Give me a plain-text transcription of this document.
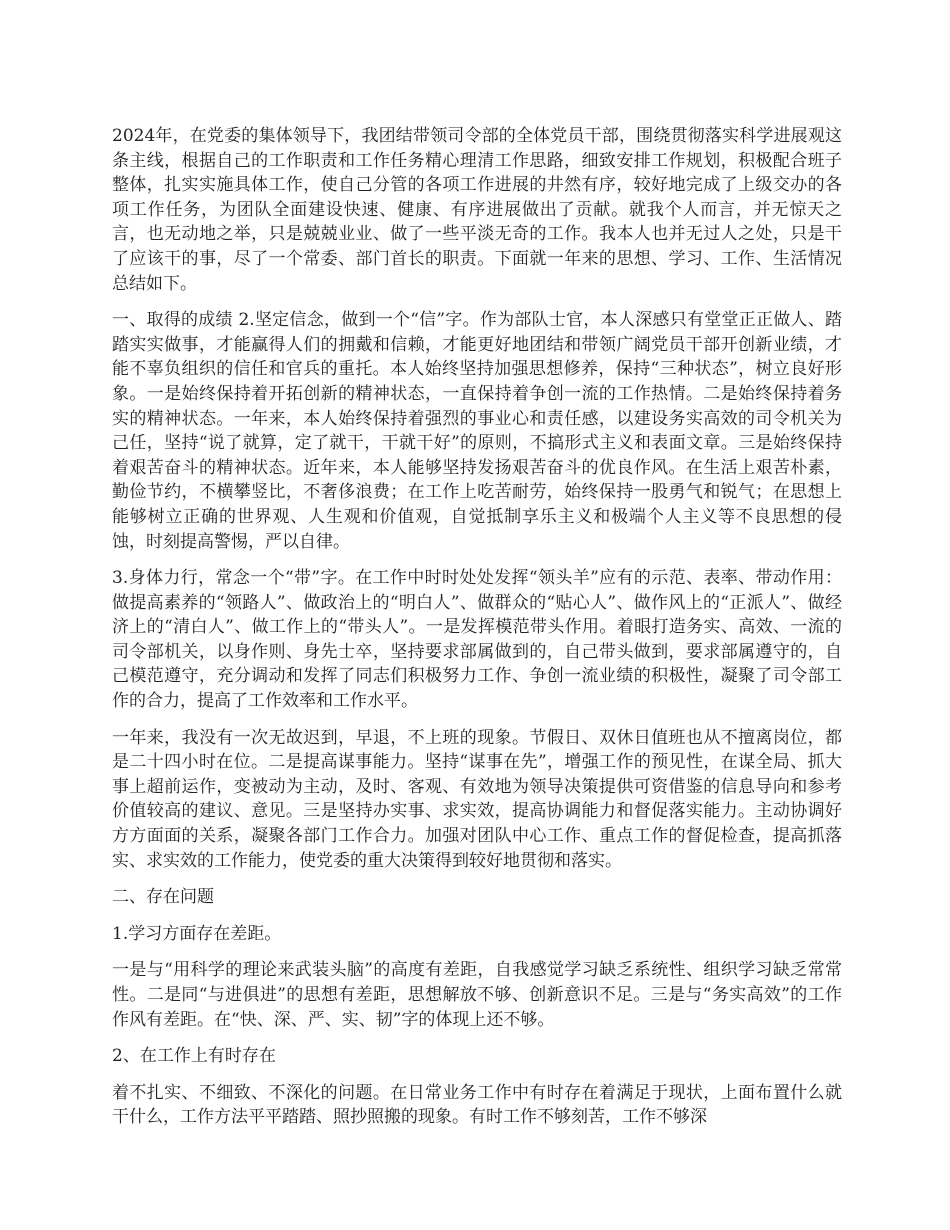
2024年，在党委的集体领导下，我团结带领司令部的全体党员干部，围绕贯彻落实科学进展观这条主线，根据自己的工作职责和工作任务精心理清工作思路，细致安排工作规划，积极配合班子整体，扎实实施具体工作，使自己分管的各项工作进展的井然有序，较好地完成了上级交办的各项工作任务，为团队全面建设快速、健康、有序进展做出了贡献。就我个人而言，并无惊天之言，也无动地之举，只是兢兢业业、做了一些平淡无奇的工作。我本人也并无过人之处，只是干了应该干的事，尽了一个常委、部门首长的职责。下面就一年来的思想、学习、工作、生活情况总结如下。

一、取得的成绩 2.坚定信念，做到一个“信”字。作为部队士官，本人深感只有堂堂正正做人、踏踏实实做事，才能赢得人们的拥戴和信赖，才能更好地团结和带领广阔党员干部开创新业绩，才能不辜负组织的信任和官兵的重托。本人始终坚持加强思想修养，保持“三种状态”，树立良好形象。一是始终保持着开拓创新的精神状态，一直保持着争创一流的工作热情。二是始终保持着务实的精神状态。一年来，本人始终保持着强烈的事业心和责任感，以建设务实高效的司令机关为己任，坚持“说了就算，定了就干，干就干好”的原则，不搞形式主义和表面文章。三是始终保持着艰苦奋斗的精神状态。近年来，本人能够坚持发扬艰苦奋斗的优良作风。在生活上艰苦朴素，勤俭节约，不横攀竖比，不奢侈浪费；在工作上吃苦耐劳，始终保持一股勇气和锐气；在思想上能够树立正确的世界观、人生观和价值观，自觉抵制享乐主义和极端个人主义等不良思想的侵蚀，时刻提高警惕，严以自律。

3.身体力行，常念一个“带”字。在工作中时时处处发挥“领头羊”应有的示范、表率、带动作用：做提高素养的“领路人”、做政治上的“明白人”、做群众的“贴心人”、做作风上的“正派人”、做经济上的“清白人”、做工作上的“带头人”。一是发挥模范带头作用。着眼打造务实、高效、一流的司令部机关，以身作则、身先士卒，坚持要求部属做到的，自己带头做到，要求部属遵守的，自己模范遵守，充分调动和发挥了同志们积极努力工作、争创一流业绩的积极性，凝聚了司令部工作的合力，提高了工作效率和工作水平。

一年来，我没有一次无故迟到，早退，不上班的现象。节假日、双休日值班也从不擅离岗位，都是二十四小时在位。二是提高谋事能力。坚持“谋事在先”，增强工作的预见性，在谋全局、抓大事上超前运作，变被动为主动，及时、客观、有效地为领导决策提供可资借鉴的信息导向和参考价值较高的建议、意见。三是坚持办实事、求实效，提高协调能力和督促落实能力。主动协调好方方面面的关系，凝聚各部门工作合力。加强对团队中心工作、重点工作的督促检查，提高抓落实、求实效的工作能力，使党委的重大决策得到较好地贯彻和落实。

二、存在问题

1.学习方面存在差距。

一是与“用科学的理论来武装头脑”的高度有差距，自我感觉学习缺乏系统性、组织学习缺乏常常性。二是同“与进俱进”的思想有差距，思想解放不够、创新意识不足。三是与“务实高效”的工作作风有差距。在“快、深、严、实、韧”字的体现上还不够。

2、在工作上有时存在

着不扎实、不细致、不深化的问题。在日常业务工作中有时存在着满足于现状，上面布置什么就干什么，工作方法平平踏踏、照抄照搬的现象。有时工作不够刻苦，工作不够深
